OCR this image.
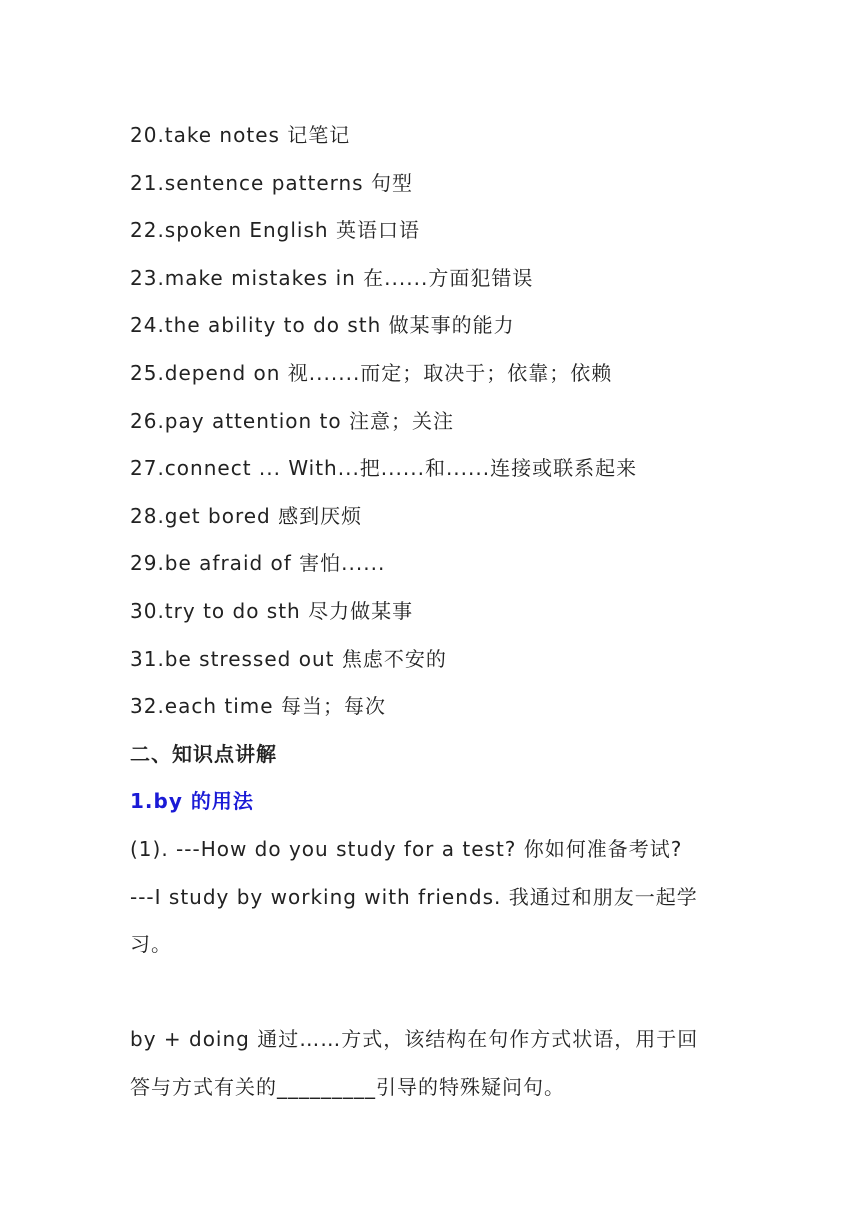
20.take notes 记笔记
21.sentence patterns 句型
22.spoken English 英语口语
23.make mistakes in 在......方面犯错误
24.the ability to do sth 做某事的能力
25.depend on 视.......而定；取决于；依靠；依赖
26.pay attention to 注意；关注
27.connect ... With...把......和......连接或联系起来
28.get bored 感到厌烦
29.be afraid of 害怕......
30.try to do sth 尽力做某事
31.be stressed out 焦虑不安的
32.each time 每当；每次
二、知识点讲解
1.by 的用法
(1). ---How do you study for a test? 你如何准备考试?
---I study by working with friends. 我通过和朋友一起学
习。
by + doing 通过……方式，该结构在句作方式状语，用于回
答与方式有关的_________引导的特殊疑问句。
